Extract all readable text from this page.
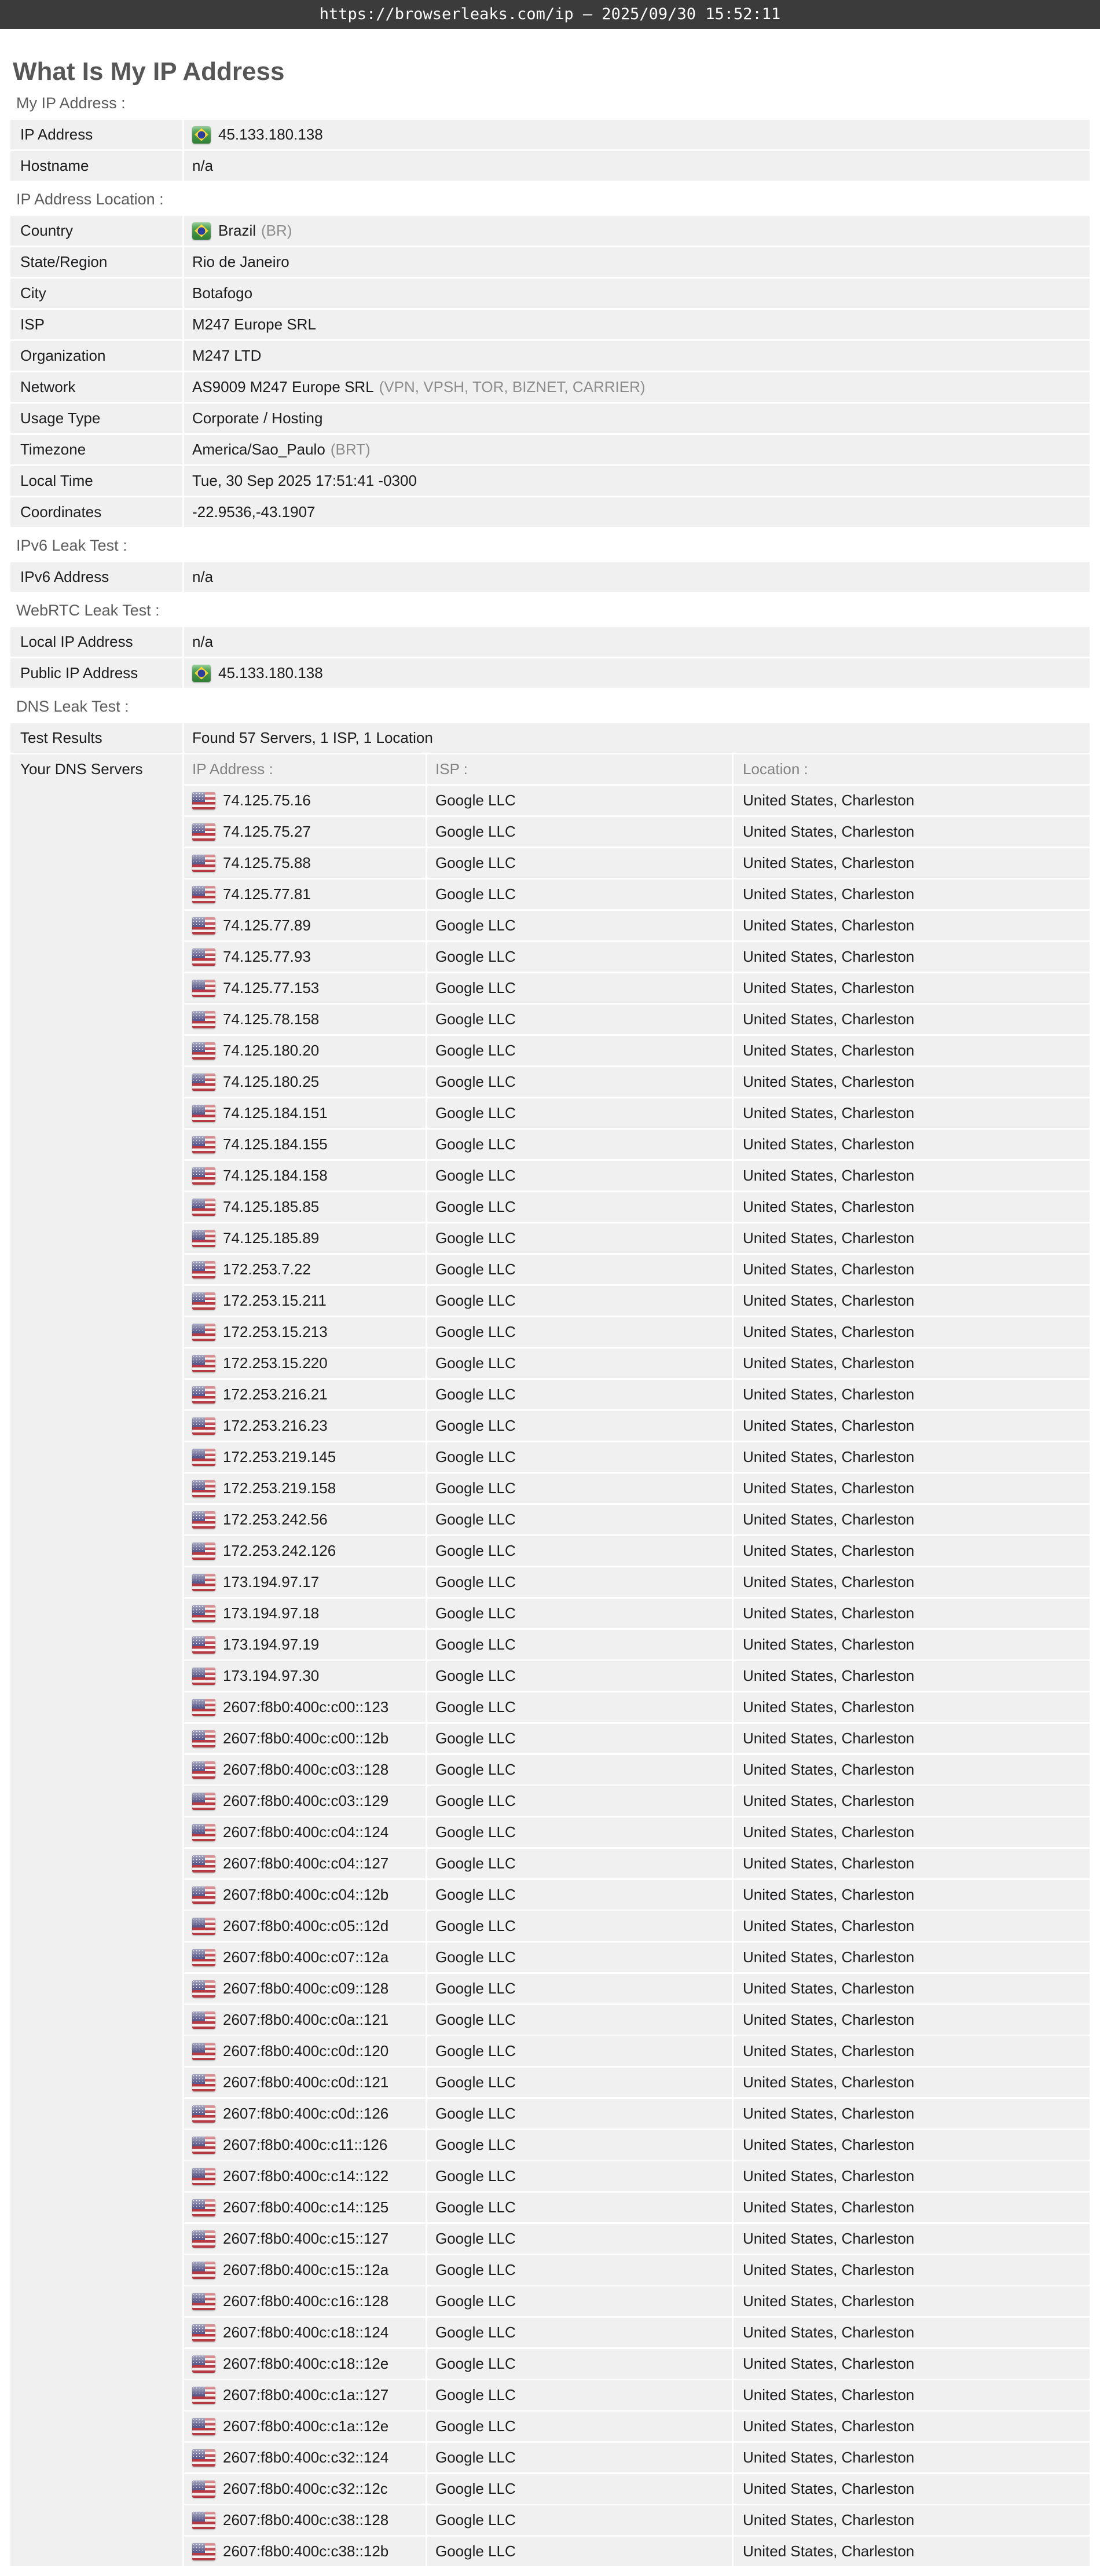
https://browserleaks.com/ip — 2025/09/30 15:52:11
What Is My IP Address
My IP Address :
IP Address	45.133.180.138
Hostname	n/a
IP Address Location :
Country	Brazil (BR)
State/Region	Rio de Janeiro
City	Botafogo
ISP	M247 Europe SRL
Organization	M247 LTD
Network	AS9009 M247 Europe SRL (VPN, VPSH, TOR, BIZNET, CARRIER)
Usage Type	Corporate / Hosting
Timezone	America/Sao_Paulo (BRT)
Local Time	Tue, 30 Sep 2025 17:51:41 -0300
Coordinates	-22.9536,-43.1907
IPv6 Leak Test :
IPv6 Address	n/a
WebRTC Leak Test :
Local IP Address	n/a
Public IP Address	45.133.180.138
DNS Leak Test :
Test Results	Found 57 Servers, 1 ISP, 1 Location
Your DNS Servers	IP Address :	ISP :	Location :
74.125.75.16	Google LLC	United States, Charleston
74.125.75.27	Google LLC	United States, Charleston
74.125.75.88	Google LLC	United States, Charleston
74.125.77.81	Google LLC	United States, Charleston
74.125.77.89	Google LLC	United States, Charleston
74.125.77.93	Google LLC	United States, Charleston
74.125.77.153	Google LLC	United States, Charleston
74.125.78.158	Google LLC	United States, Charleston
74.125.180.20	Google LLC	United States, Charleston
74.125.180.25	Google LLC	United States, Charleston
74.125.184.151	Google LLC	United States, Charleston
74.125.184.155	Google LLC	United States, Charleston
74.125.184.158	Google LLC	United States, Charleston
74.125.185.85	Google LLC	United States, Charleston
74.125.185.89	Google LLC	United States, Charleston
172.253.7.22	Google LLC	United States, Charleston
172.253.15.211	Google LLC	United States, Charleston
172.253.15.213	Google LLC	United States, Charleston
172.253.15.220	Google LLC	United States, Charleston
172.253.216.21	Google LLC	United States, Charleston
172.253.216.23	Google LLC	United States, Charleston
172.253.219.145	Google LLC	United States, Charleston
172.253.219.158	Google LLC	United States, Charleston
172.253.242.56	Google LLC	United States, Charleston
172.253.242.126	Google LLC	United States, Charleston
173.194.97.17	Google LLC	United States, Charleston
173.194.97.18	Google LLC	United States, Charleston
173.194.97.19	Google LLC	United States, Charleston
173.194.97.30	Google LLC	United States, Charleston
2607:f8b0:400c:c00::123	Google LLC	United States, Charleston
2607:f8b0:400c:c00::12b	Google LLC	United States, Charleston
2607:f8b0:400c:c03::128	Google LLC	United States, Charleston
2607:f8b0:400c:c03::129	Google LLC	United States, Charleston
2607:f8b0:400c:c04::124	Google LLC	United States, Charleston
2607:f8b0:400c:c04::127	Google LLC	United States, Charleston
2607:f8b0:400c:c04::12b	Google LLC	United States, Charleston
2607:f8b0:400c:c05::12d	Google LLC	United States, Charleston
2607:f8b0:400c:c07::12a	Google LLC	United States, Charleston
2607:f8b0:400c:c09::128	Google LLC	United States, Charleston
2607:f8b0:400c:c0a::121	Google LLC	United States, Charleston
2607:f8b0:400c:c0d::120	Google LLC	United States, Charleston
2607:f8b0:400c:c0d::121	Google LLC	United States, Charleston
2607:f8b0:400c:c0d::126	Google LLC	United States, Charleston
2607:f8b0:400c:c11::126	Google LLC	United States, Charleston
2607:f8b0:400c:c14::122	Google LLC	United States, Charleston
2607:f8b0:400c:c14::125	Google LLC	United States, Charleston
2607:f8b0:400c:c15::127	Google LLC	United States, Charleston
2607:f8b0:400c:c15::12a	Google LLC	United States, Charleston
2607:f8b0:400c:c16::128	Google LLC	United States, Charleston
2607:f8b0:400c:c18::124	Google LLC	United States, Charleston
2607:f8b0:400c:c18::12e	Google LLC	United States, Charleston
2607:f8b0:400c:c1a::127	Google LLC	United States, Charleston
2607:f8b0:400c:c1a::12e	Google LLC	United States, Charleston
2607:f8b0:400c:c32::124	Google LLC	United States, Charleston
2607:f8b0:400c:c32::12c	Google LLC	United States, Charleston
2607:f8b0:400c:c38::128	Google LLC	United States, Charleston
2607:f8b0:400c:c38::12b	Google LLC	United States, Charleston
